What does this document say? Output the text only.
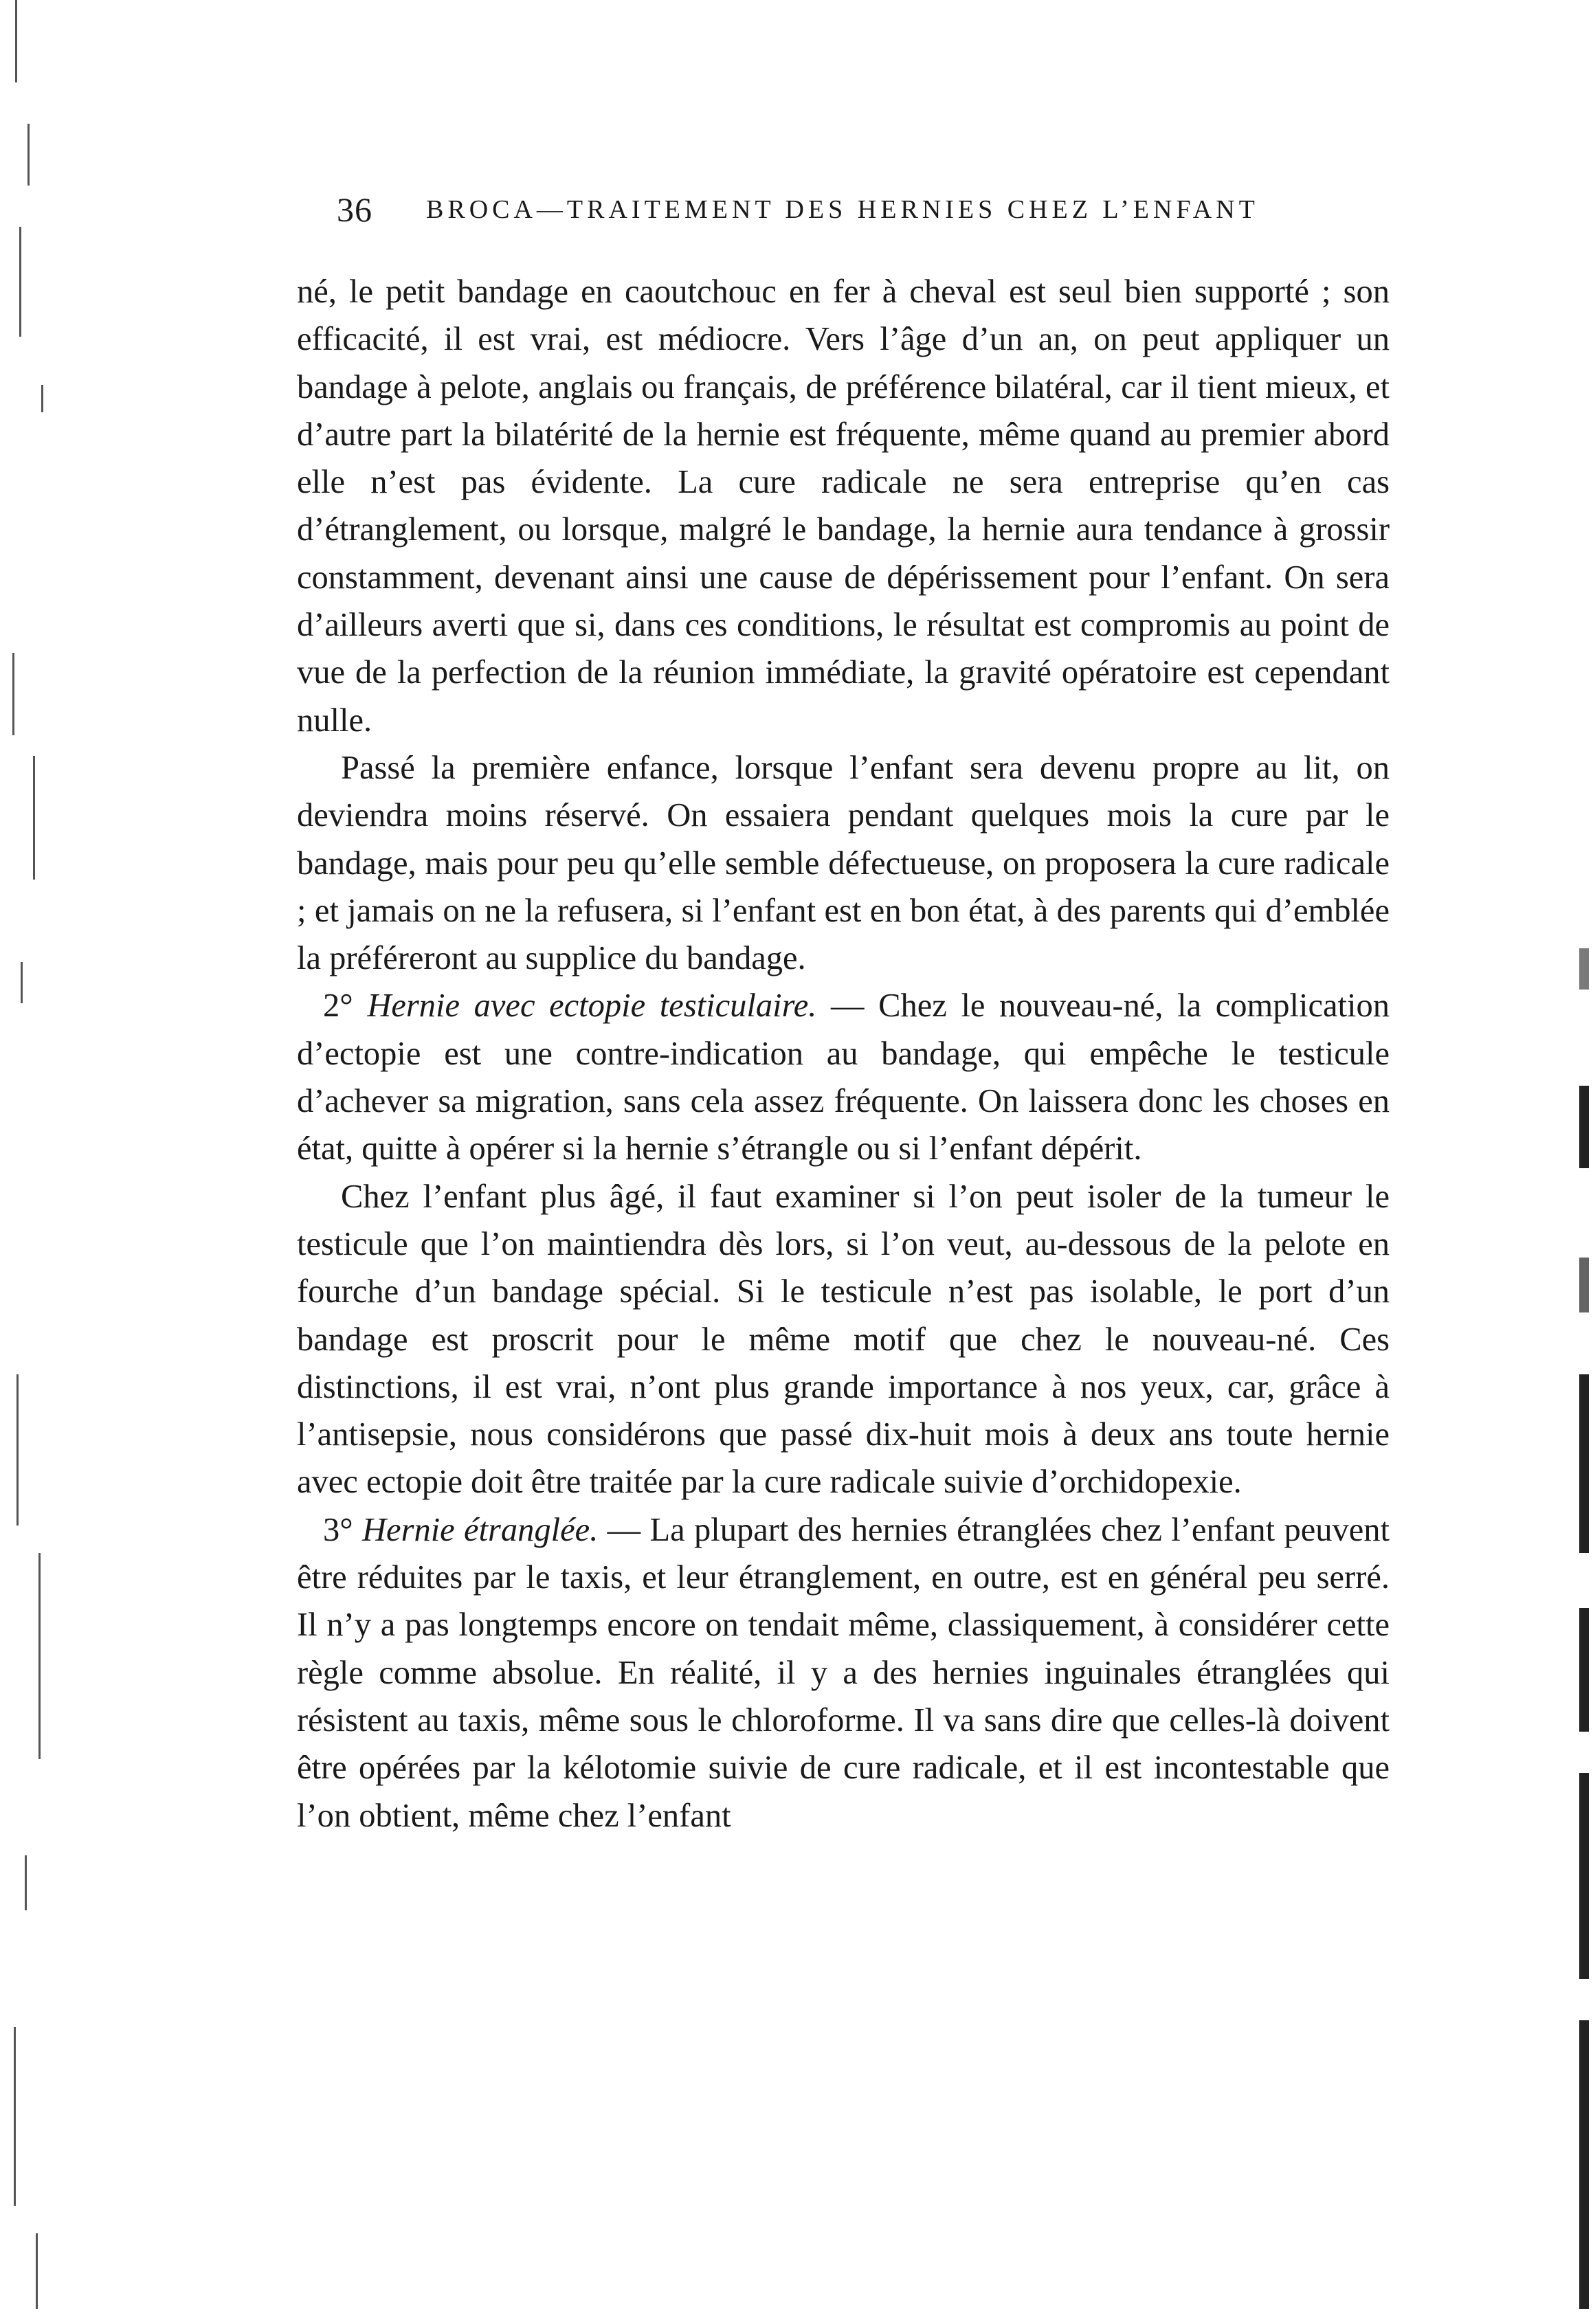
36	BROCA—TRAITEMENT DES HERNIES CHEZ L’ENFANT

né, le petit bandage en caoutchouc en fer à cheval est seul bien supporté ; son efficacité, il est vrai, est médiocre. Vers l’âge d’un an, on peut appliquer un bandage à pelote, anglais ou français, de préférence bilatéral, car il tient mieux, et d’autre part la bilatérité de la hernie est fréquente, même quand au premier abord elle n’est pas évidente. La cure radicale ne sera entreprise qu’en cas d’étranglement, ou lorsque, malgré le bandage, la hernie aura tendance à grossir constamment, devenant ainsi une cause de dépérissement pour l’enfant. On sera d’ailleurs averti que si, dans ces conditions, le résultat est compromis au point de vue de la perfection de la réunion immédiate, la gravité opératoire est cependant nulle.

Passé la première enfance, lorsque l’enfant sera devenu propre au lit, on deviendra moins réservé. On essaiera pendant quelques mois la cure par le bandage, mais pour peu qu’elle semble défectueuse, on proposera la cure radicale ; et jamais on ne la refusera, si l’enfant est en bon état, à des parents qui d’emblée la préféreront au supplice du bandage.

2° Hernie avec ectopie testiculaire. — Chez le nouveau-né, la complication d’ectopie est une contre-indication au bandage, qui empêche le testicule d’achever sa migration, sans cela assez fréquente. On laissera donc les choses en état, quitte à opérer si la hernie s’étrangle ou si l’enfant dépérit.

Chez l’enfant plus âgé, il faut examiner si l’on peut isoler de la tumeur le testicule que l’on maintiendra dès lors, si l’on veut, au-dessous de la pelote en fourche d’un bandage spécial. Si le testicule n’est pas isolable, le port d’un bandage est proscrit pour le même motif que chez le nouveau-né. Ces distinctions, il est vrai, n’ont plus grande importance à nos yeux, car, grâce à l’antisepsie, nous considérons que passé dix-huit mois à deux ans toute hernie avec ectopie doit être traitée par la cure radicale suivie d’orchidopexie.

3° Hernie étranglée. — La plupart des hernies étranglées chez l’enfant peuvent être réduites par le taxis, et leur étranglement, en outre, est en général peu serré. Il n’y a pas longtemps encore on tendait même, classiquement, à considérer cette règle comme absolue. En réalité, il y a des hernies inguinales étranglées qui résistent au taxis, même sous le chloroforme. Il va sans dire que celles-là doivent être opérées par la kélotomie suivie de cure radicale, et il est incontestable que l’on obtient, même chez l’enfant
